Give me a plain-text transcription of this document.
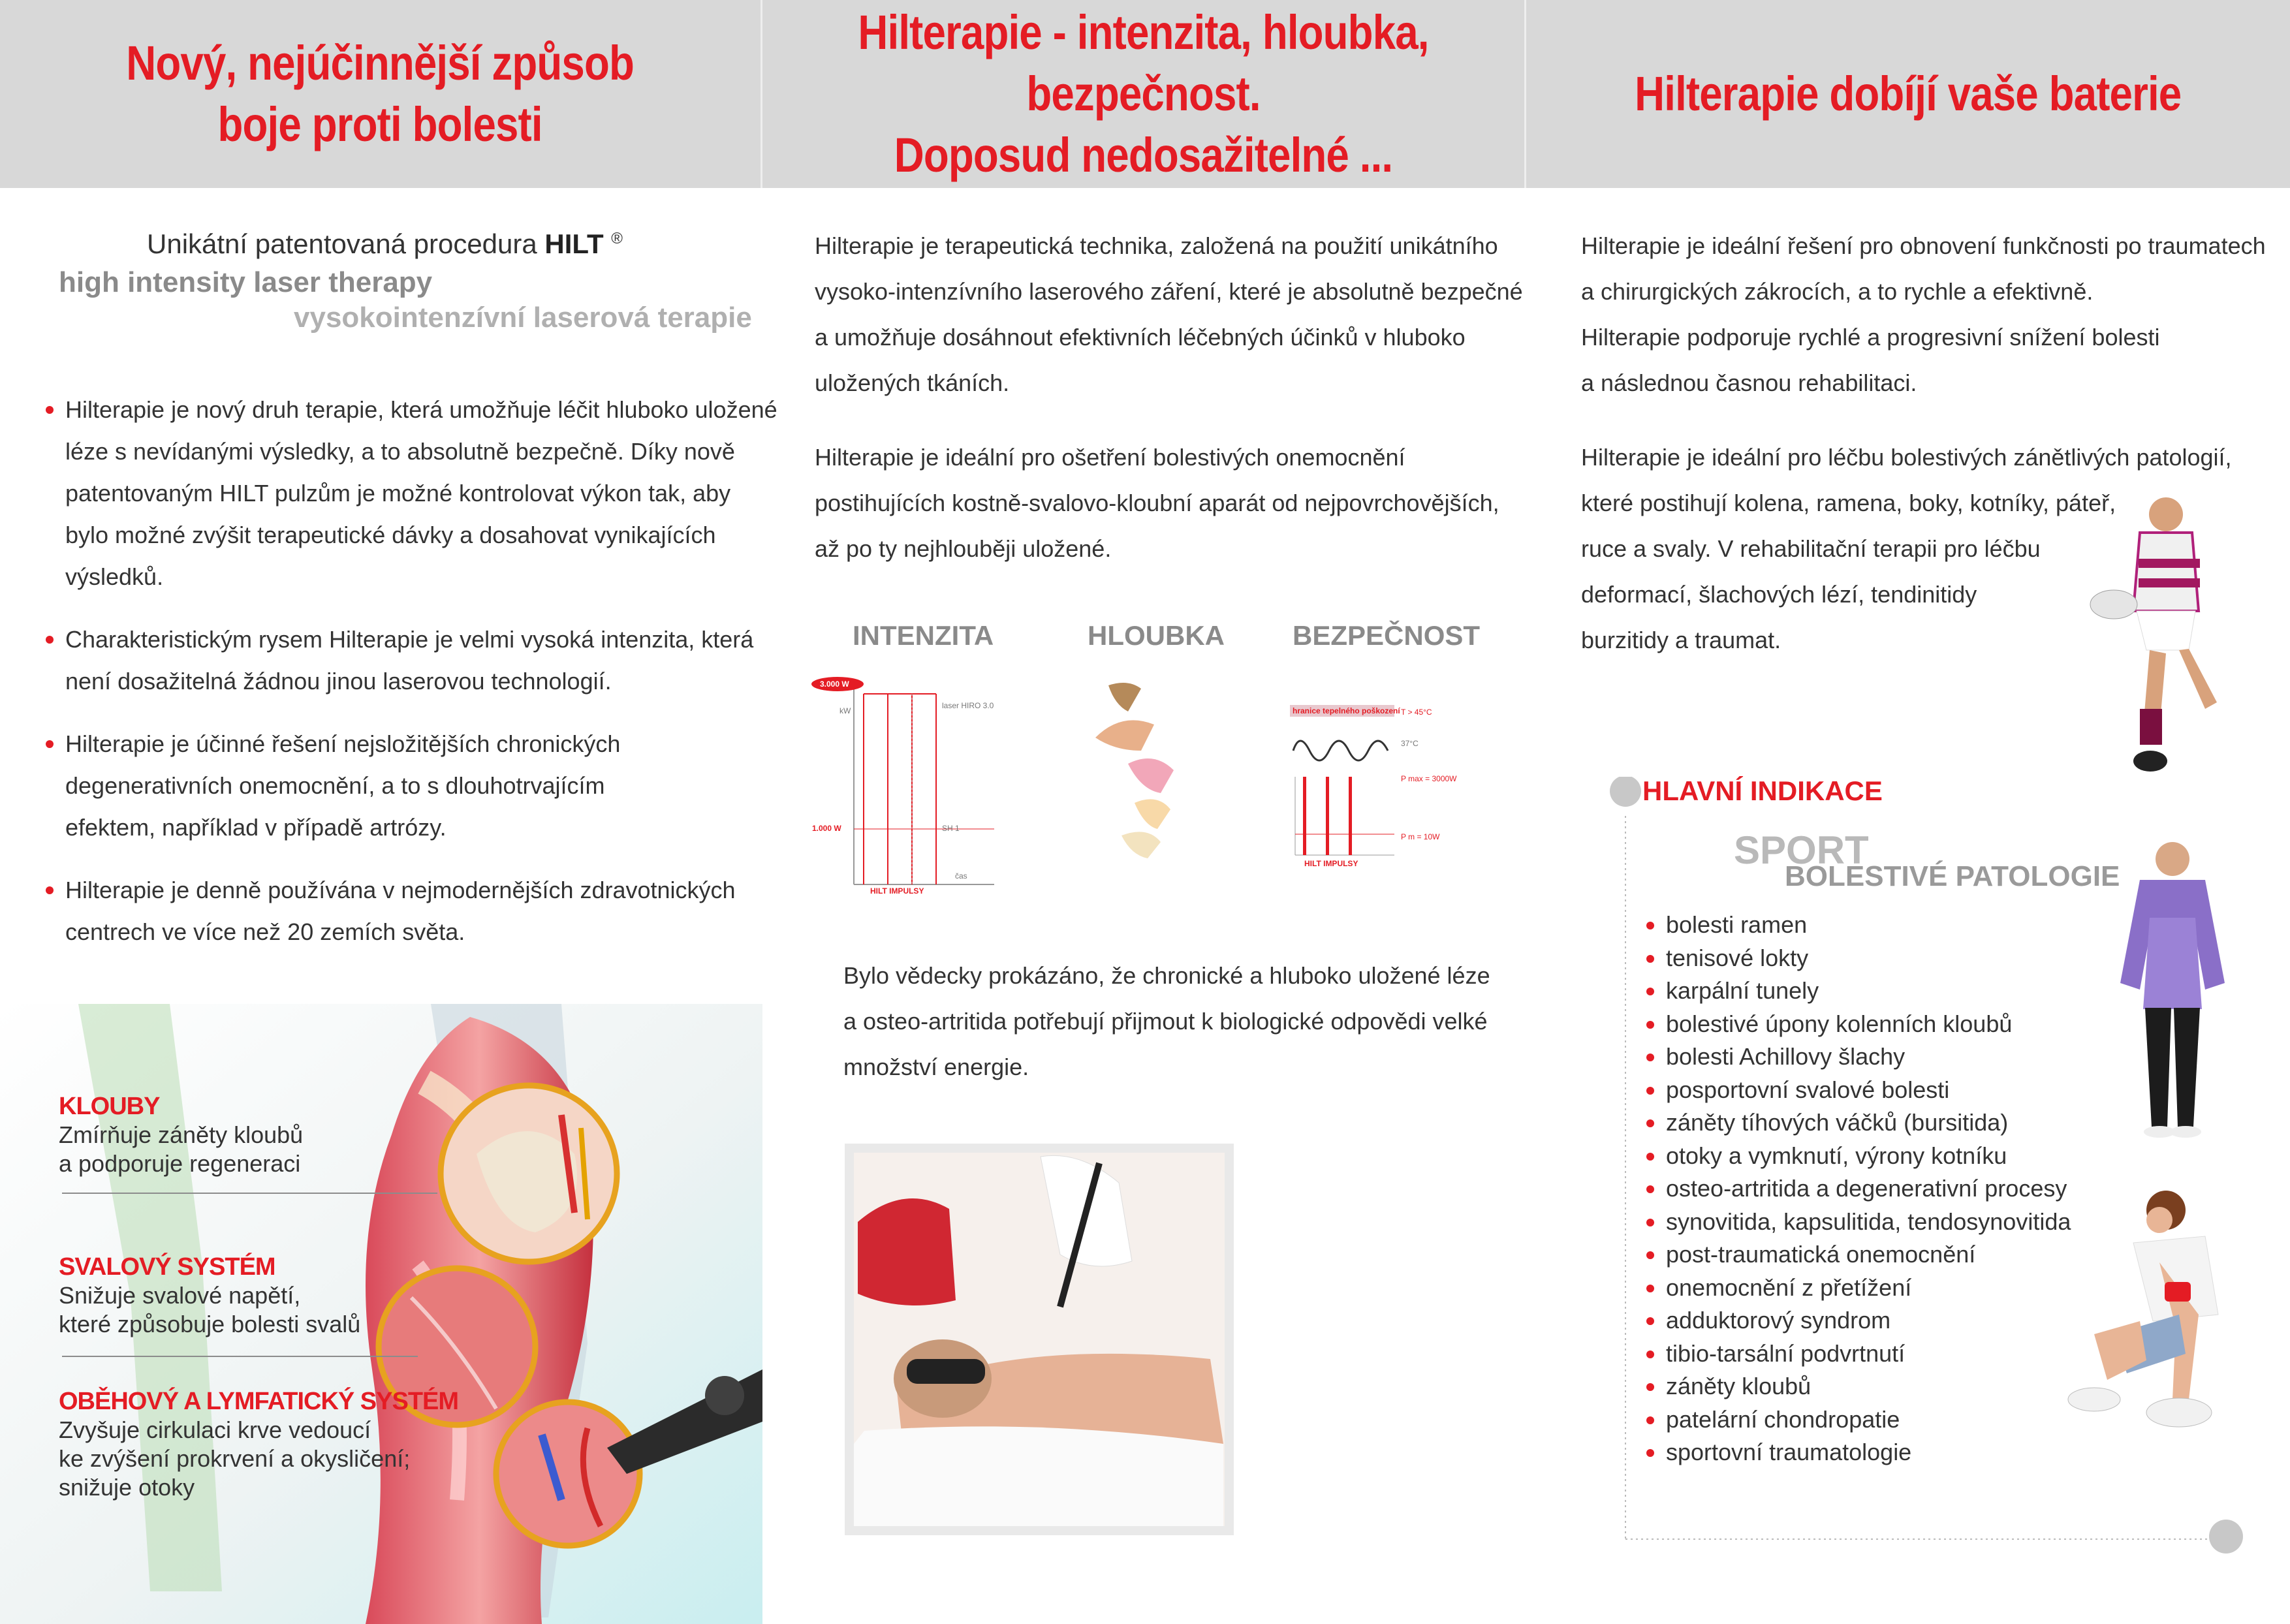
Nový, nejúčinnější způsob
boje proti bolesti
Unikátní patentovaná procedura HILT ®
high intensity laser therapy
vysokointenzívní laserová terapie
Hilterapie je nový druh terapie, která umožňuje léčit hluboko uložené
léze s nevídanými výsledky, a to absolutně bezpečně. Díky nově
patentovaným HILT pulzům je možné kontrolovat výkon tak, aby
bylo možné zvýšit terapeutické dávky a dosahovat vynikajících
výsledků.
Charakteristickým rysem Hilterapie je velmi vysoká intenzita, která
není dosažitelná žádnou jinou laserovou technologií.
Hilterapie je účinné řešení nejsložitějších chronických
degenerativních onemocnění, a to s dlouhotrvajícím
efektem, například v případě artrózy.
Hilterapie je denně používána v nejmodernějších zdravotnických
centrech ve více než 20 zemích světa.
KLOUBY
Zmírňuje záněty kloubů
a podporuje regeneraci
SVALOVÝ SYSTÉM
Snižuje svalové napětí,
které způsobuje bolesti svalů
OBĚHOVÝ A LYMFATICKÝ SYSTÉM
Zvyšuje cirkulaci krve vedoucí
ke zvýšení prokrvení a okysličení;
snižuje otoky
Hilterapie - intenzita, hloubka, bezpečnost.
Doposud nedosažitelné ...
Hilterapie je terapeutická technika, založená na použití unikátního
vysoko-intenzívního laserového záření, které je absolutně bezpečné
a umožňuje dosáhnout efektivních léčebných účinků v hluboko
uložených tkáních.
Hilterapie je ideální pro ošetření bolestivých onemocnění
postihujících kostně-svalovo-kloubní aparát od nejpovrchovějších,
až po ty nejhlouběji uložené.
INTENZITA	HLOUBKA BEZPEČNOST
3.000 W
1.000 W
kW
laser HIRO 3.0
SH 1
čas
HILT IMPULSY
hranice tepelného poškození T > 45°C
37°C
P max = 3000W
P m = 10W
HILT IMPULSY
Bylo vědecky prokázáno, že chronické a hluboko uložené léze
a osteo-artritida potřebují přijmout k biologické odpovědi velké
množství energie.
Hilterapie dobíjí vaše baterie
Hilterapie je ideální řešení pro obnovení funkčnosti po traumatech
a chirurgických zákrocích, a to rychle a efektivně.
Hilterapie podporuje rychlé a progresivní snížení bolesti
a následnou časnou rehabilitaci.
Hilterapie je ideální pro léčbu bolestivých zánětlivých patologií,
které postihují kolena, ramena, boky, kotníky, páteř,
ruce a svaly. V rehabilitační terapii pro léčbu
deformací, šlachových lézí, tendinitidy
burzitidy a traumat.
HLAVNÍ INDIKACE
SPORT
BOLESTIVÉ PATOLOGIE
bolesti ramen
tenisové lokty
karpální tunely
bolestivé úpony kolenních kloubů
bolesti Achillovy šlachy
posportovní svalové bolesti
záněty tíhových váčků (bursitida)
otoky a vymknutí, výrony kotníku
osteo-artritida a degenerativní procesy
synovitida, kapsulitida, tendosynovitida
post-traumatická onemocnění
onemocnění z přetížení
adduktorový syndrom
tibio-tarsální podvrtnutí
záněty kloubů
patelární chondropatie
sportovní traumatologie
